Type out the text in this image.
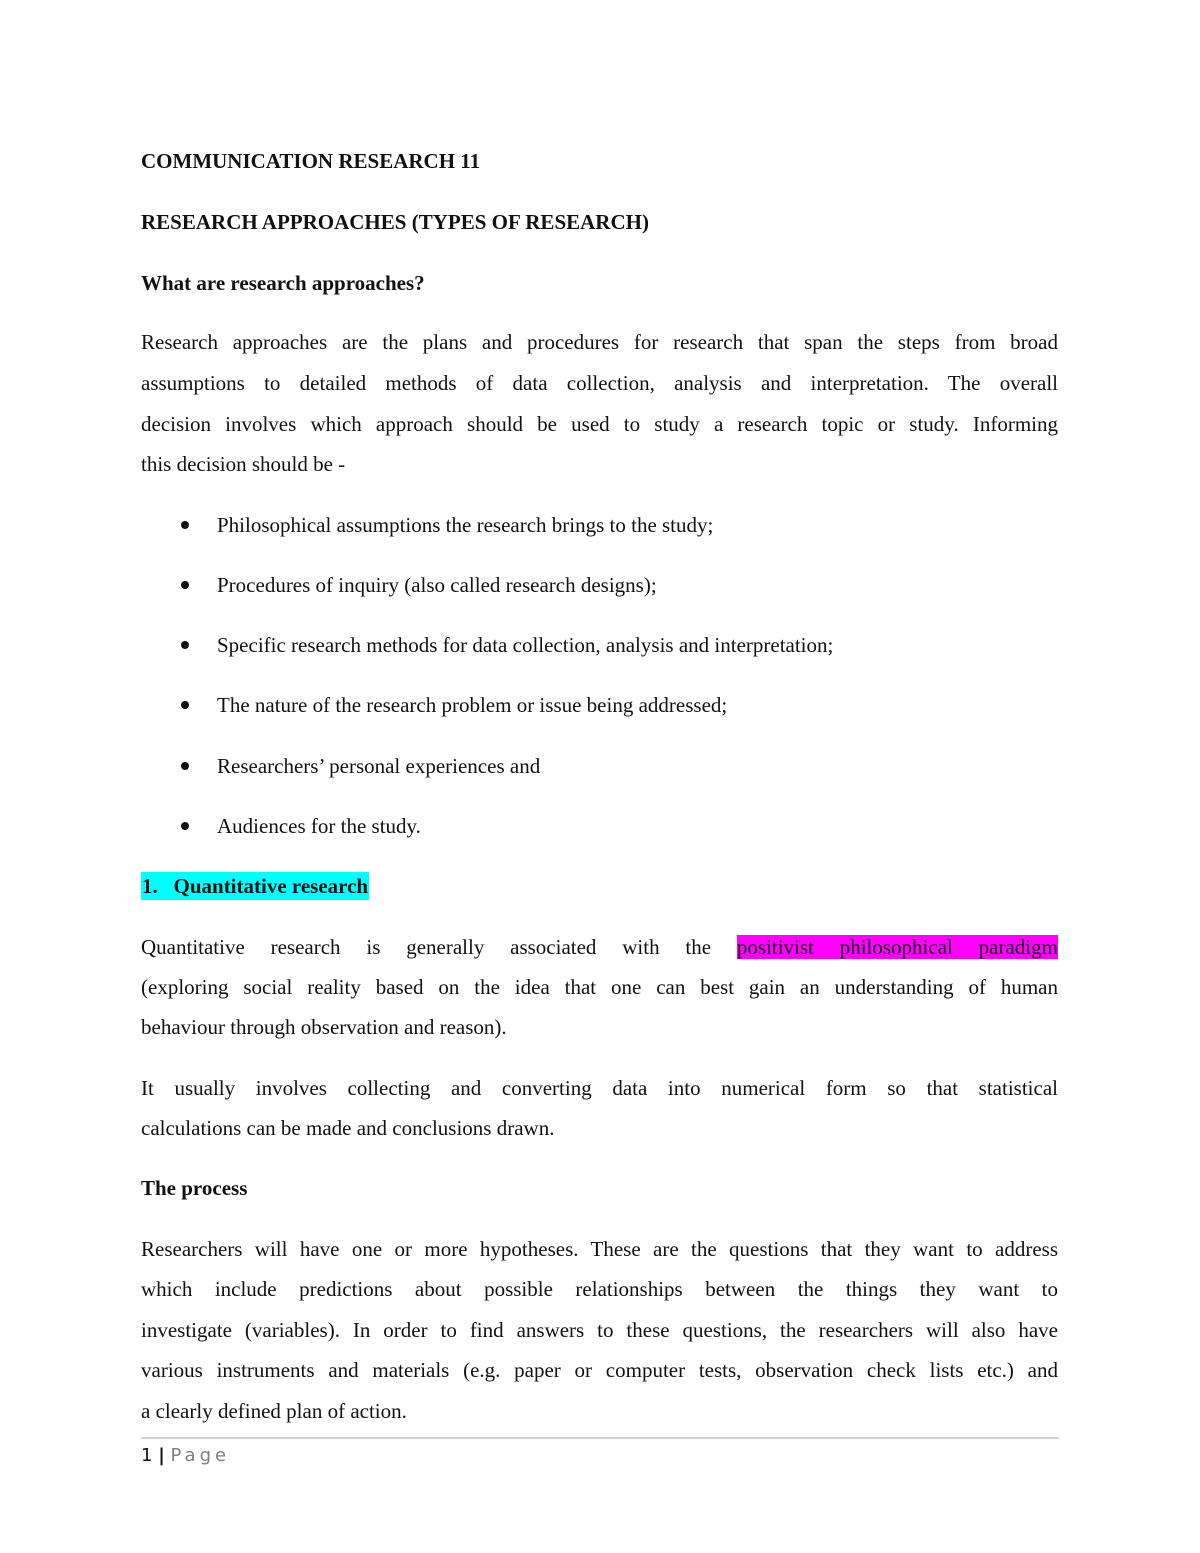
COMMUNICATION RESEARCH 11
RESEARCH APPROACHES (TYPES OF RESEARCH)
What are research approaches?
Research approaches are the plans and procedures for research that span the steps from broad
assumptions to detailed methods of data collection, analysis and interpretation. The overall
decision involves which approach should be used to study a research topic or study. Informing
this decision should be -
Philosophical assumptions the research brings to the study;
Procedures of inquiry (also called research designs);
Specific research methods for data collection, analysis and interpretation;
The nature of the research problem or issue being addressed;
Researchers’ personal experiences and
Audiences for the study.
1. Quantitative research
Quantitative research is generally associated with the positivist philosophical paradigm
(exploring social reality based on the idea that one can best gain an understanding of human
behaviour through observation and reason).
It usually involves collecting and converting data into numerical form so that statistical
calculations can be made and conclusions drawn.
The process
Researchers will have one or more hypotheses. These are the questions that they want to address
which include predictions about possible relationships between the things they want to
investigate (variables). In order to find answers to these questions, the researchers will also have
various instruments and materials (e.g. paper or computer tests, observation check lists etc.) and
a clearly defined plan of action.
1 | Page
